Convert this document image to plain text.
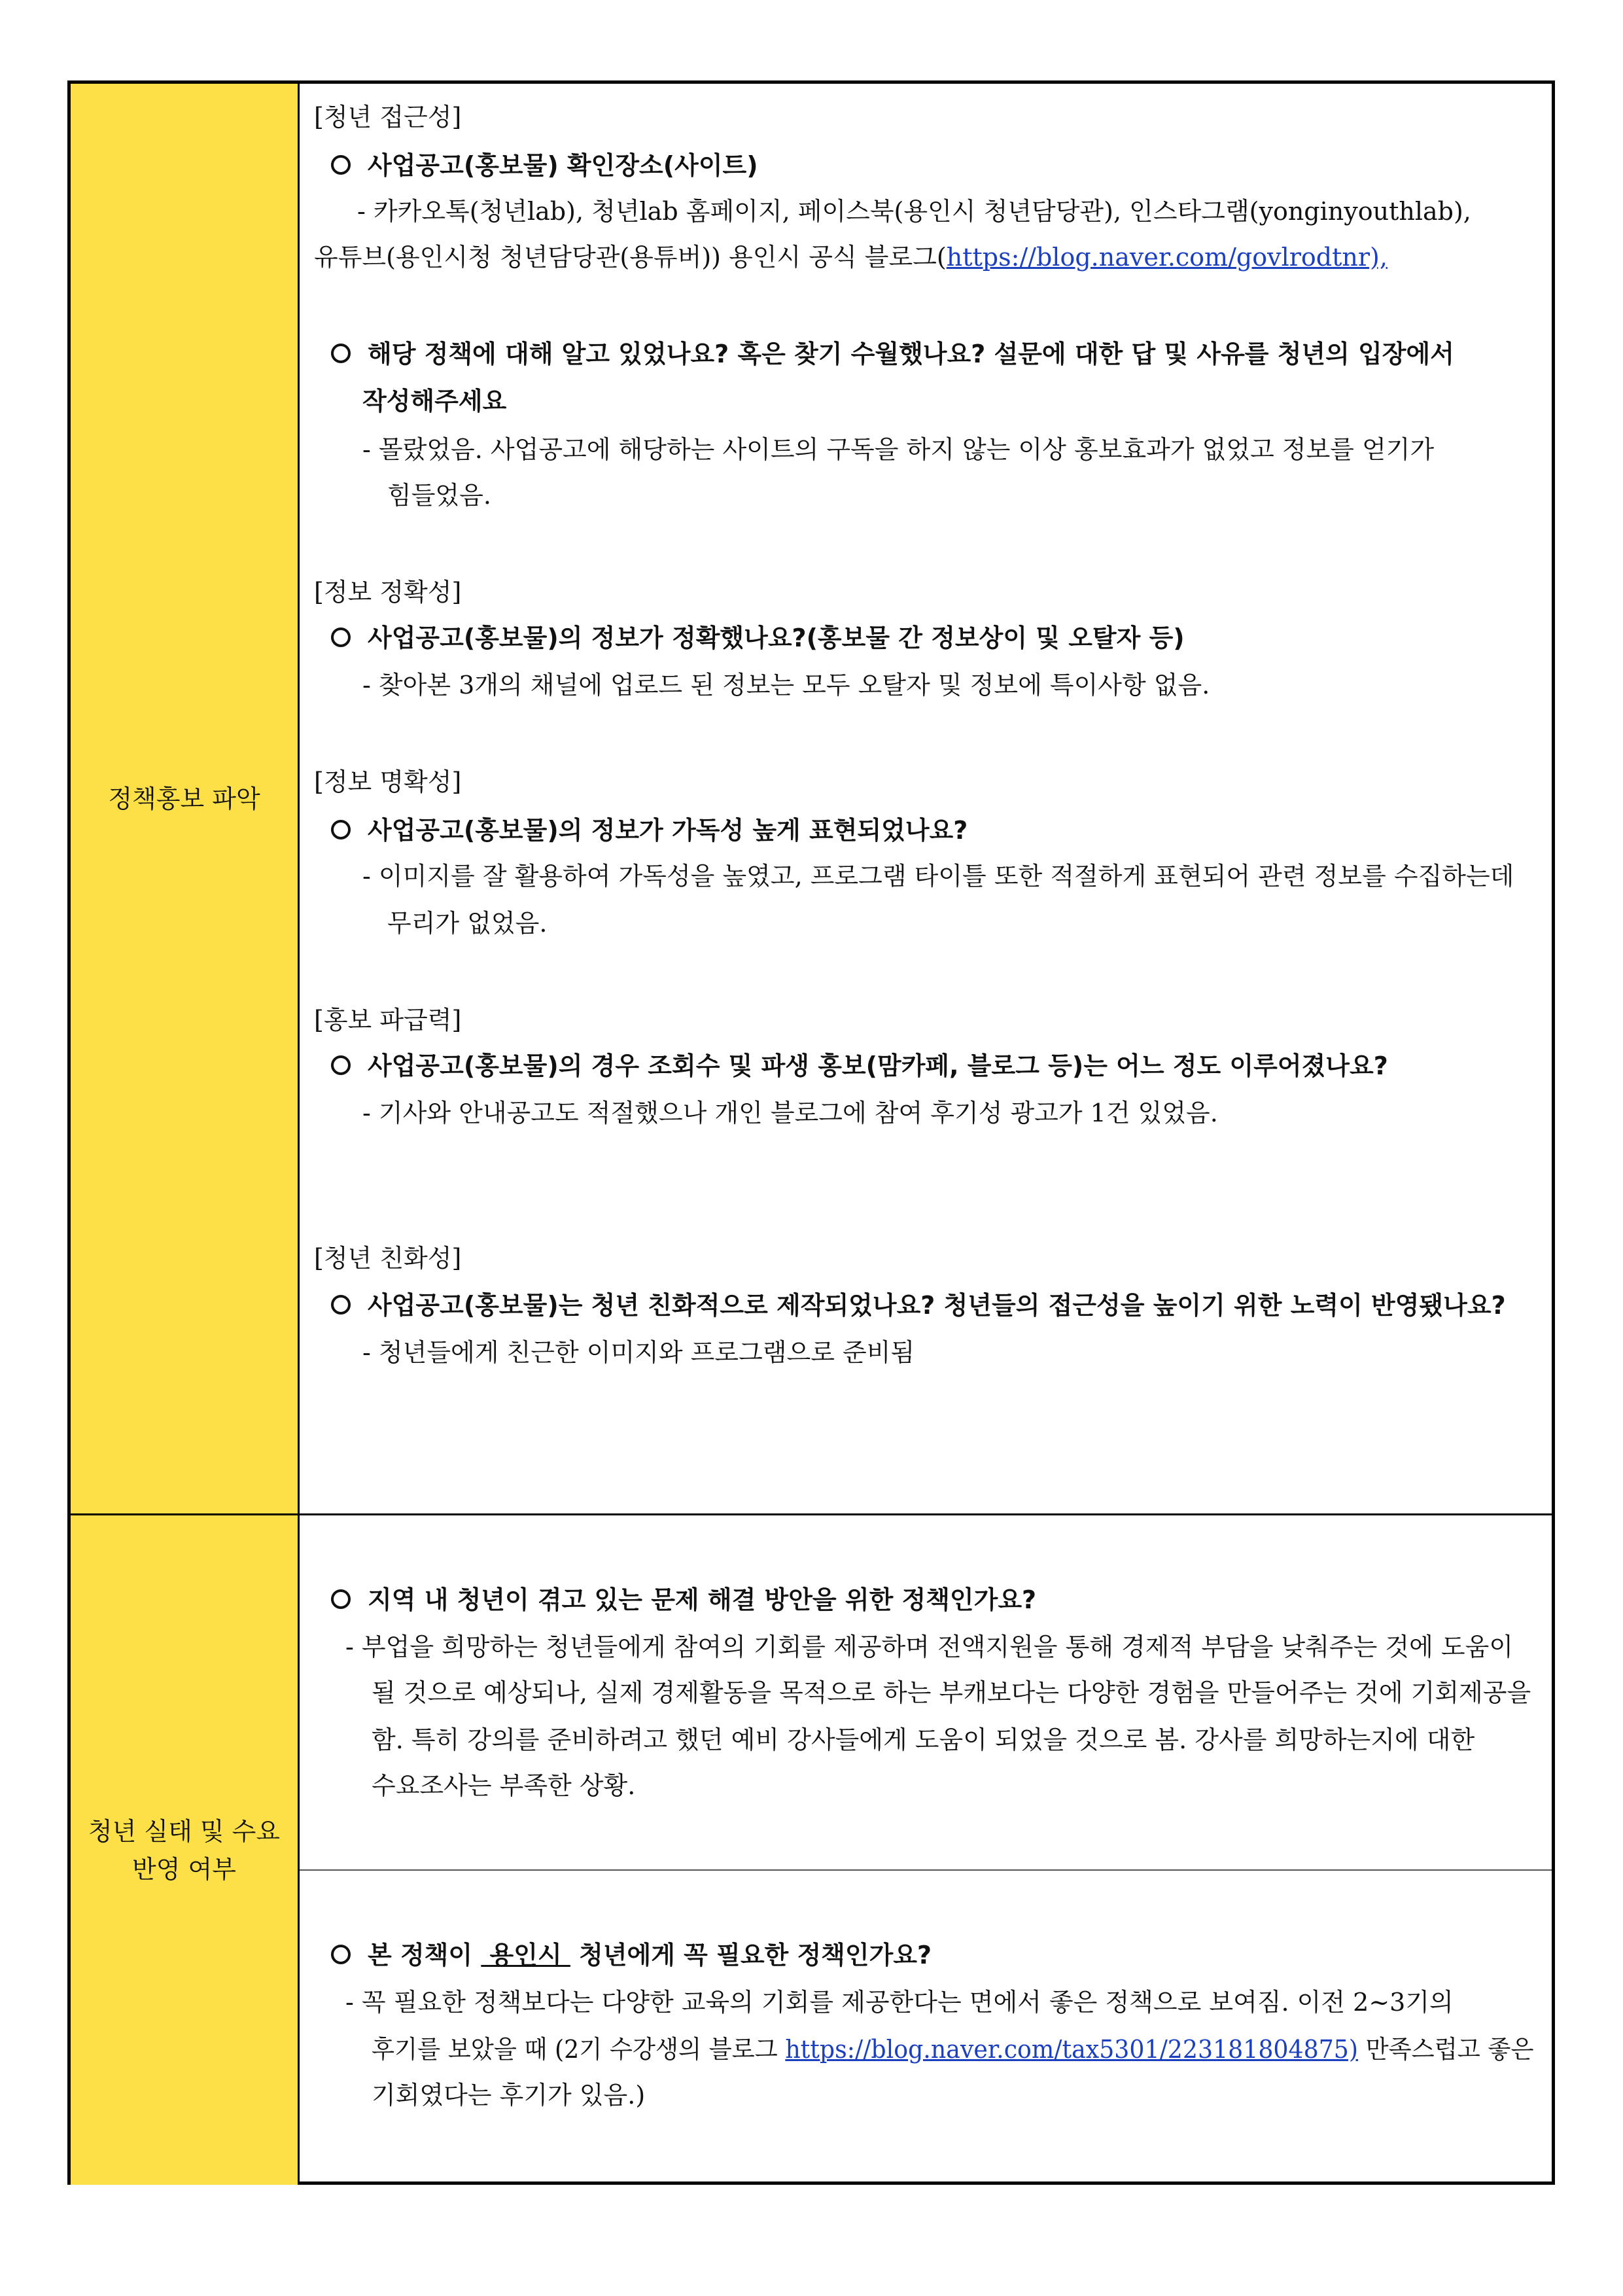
정책홍보 파악
청년 실태 및 수요
반영 여부
[청년 접근성]
사업공고(홍보물) 확인장소(사이트)
- 카카오톡(청년lab), 청년lab 홈페이지, 페이스북(용인시 청년담당관), 인스타그램(yonginyouthlab),
유튜브(용인시청 청년담당관(용튜버)) 용인시 공식 블로그(https://blog.naver.com/govlrodtnr),
해당 정책에 대해 알고 있었나요? 혹은 찾기 수월했나요? 설문에 대한 답 및 사유를 청년의 입장에서
작성해주세요
- 몰랐었음. 사업공고에 해당하는 사이트의 구독을 하지 않는 이상 홍보효과가 없었고 정보를 얻기가
힘들었음.
[정보 정확성]
사업공고(홍보물)의 정보가 정확했나요?(홍보물 간 정보상이 및 오탈자 등)
- 찾아본 3개의 채널에 업로드 된 정보는 모두 오탈자 및 정보에 특이사항 없음.
[정보 명확성]
사업공고(홍보물)의 정보가 가독성 높게 표현되었나요?
- 이미지를 잘 활용하여 가독성을 높였고, 프로그램 타이틀 또한 적절하게 표현되어 관련 정보를 수집하는데
무리가 없었음.
[홍보 파급력]
사업공고(홍보물)의 경우 조회수 및 파생 홍보(맘카페, 블로그 등)는 어느 정도 이루어졌나요?
- 기사와 안내공고도 적절했으나 개인 블로그에 참여 후기성 광고가 1건 있었음.
[청년 친화성]
사업공고(홍보물)는 청년 친화적으로 제작되었나요? 청년들의 접근성을 높이기 위한 노력이 반영됐나요?
- 청년들에게 친근한 이미지와 프로그램으로 준비됨
지역 내 청년이 겪고 있는 문제 해결 방안을 위한 정책인가요?
- 부업을 희망하는 청년들에게 참여의 기회를 제공하며 전액지원을 통해 경제적 부담을 낮춰주는 것에 도움이
될 것으로 예상되나, 실제 경제활동을 목적으로 하는 부캐보다는 다양한 경험을 만들어주는 것에 기회제공을
함. 특히 강의를 준비하려고 했던 예비 강사들에게 도움이 되었을 것으로 봄. 강사를 희망하는지에 대한
수요조사는 부족한 상황.
본 정책이  용인시  청년에게 꼭 필요한 정책인가요?
- 꼭 필요한 정책보다는 다양한 교육의 기회를 제공한다는 면에서 좋은 정책으로 보여짐. 이전 2~3기의
후기를 보았을 때 (2기 수강생의 블로그 https://blog.naver.com/tax5301/223181804875) 만족스럽고 좋은
기회였다는 후기가 있음.)
